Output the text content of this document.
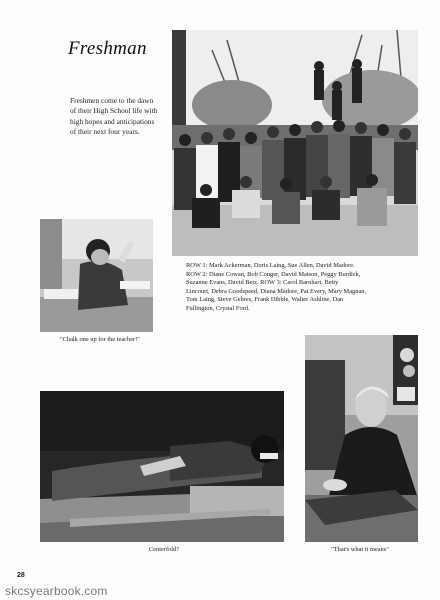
Freshman
Freshmen come to the dawn of their High School life with high hopes and anticipations of their next four years.

ROW 1: Mark Ackerman, Doris Laing, Sue Allen, David Madore.

ROW 2: Diane Cowan, Bob Conger, David Matson, Peggy Burdick,

Suzanne Evans, David Betz. ROW 3: Carol Barnhart, Betty

Lincourt, Debra Goodspeed, Diana Madore, Pat Every, Mary Magnan,

Tom Laing, Steve Gehres, Frank Dibble, Walter Ashline, Dan

Fullington, Crystal Ford.

"Chalk one up for the teacher!"
Centerfold?	"That's what it means"
28
skcsyearbook.com
